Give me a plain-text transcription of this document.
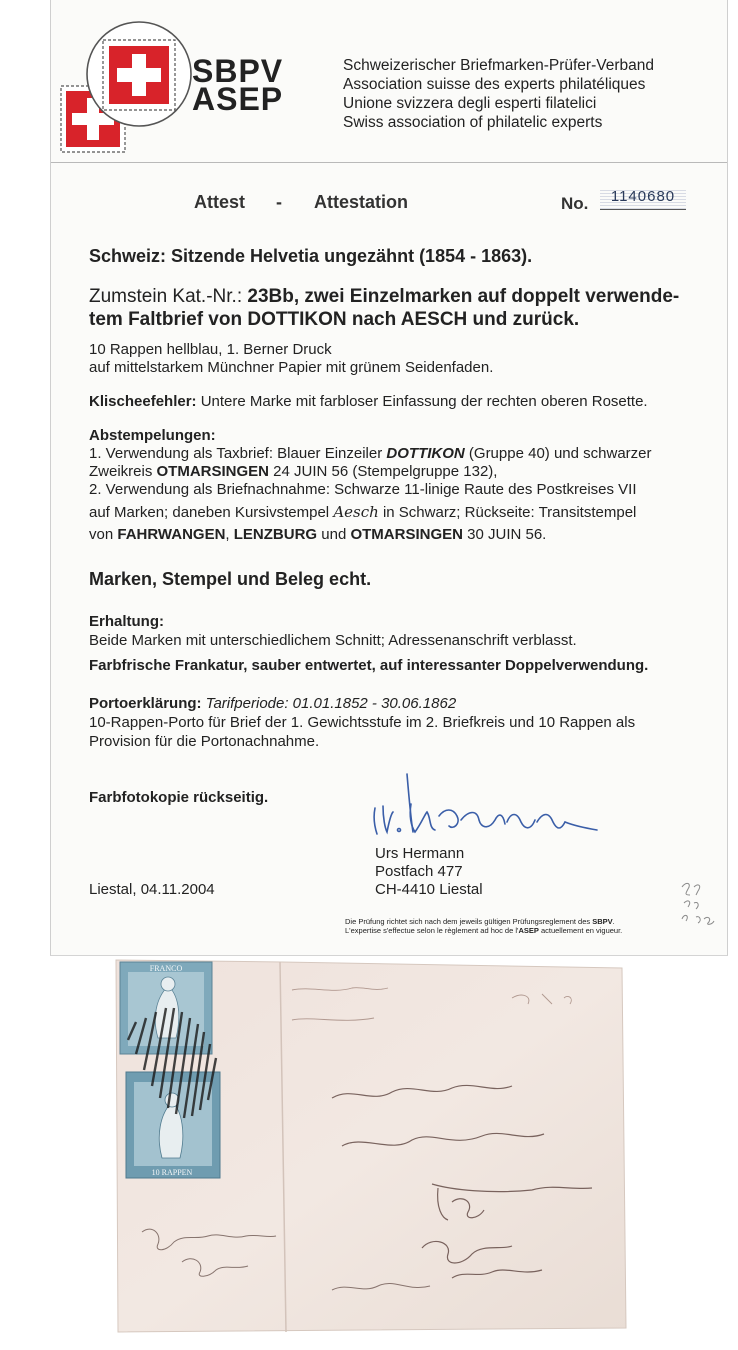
SBPV
ASEP
Schweizerischer Briefmarken-Prüfer-Verband
Association suisse des experts philatéliques
Unione svizzera degli esperti filatelici
Swiss association of philatelic experts
Attest - Attestation	No.	1140680
Schweiz: Sitzende Helvetia ungezähnt (1854 - 1863).
Zumstein Kat.-Nr.: 23Bb, zwei Einzelmarken auf doppelt verwende-
tem Faltbrief von DOTTIKON nach AESCH und zurück.
10 Rappen hellblau, 1. Berner Druck
auf mittelstarkem Münchner Papier mit grünem Seidenfaden.
Klischeefehler: Untere Marke mit farbloser Einfassung der rechten oberen Rosette.
Abstempelungen:
1. Verwendung als Taxbrief: Blauer Einzeiler DOTTIKON (Gruppe 40) und schwarzer
Zweikreis OTMARSINGEN 24 JUIN 56 (Stempelgruppe 132),
2. Verwendung als Briefnachnahme: Schwarze 11-linige Raute des Postkreises VII
auf Marken; daneben Kursivstempel Aesch in Schwarz; Rückseite: Transitstempel
von FAHRWANGEN, LENZBURG und OTMARSINGEN 30 JUIN 56.
Marken, Stempel und Beleg echt.
Erhaltung:
Beide Marken mit unterschiedlichem Schnitt; Adressenanschrift verblasst.
Farbfrische Frankatur, sauber entwertet, auf interessanter Doppelverwendung.
Portoerklärung: Tarifperiode: 01.01.1852 - 30.06.1862
10-Rappen-Porto für Brief der 1. Gewichtsstufe im 2. Briefkreis und 10 Rappen als
Provision für die Portonachnahme.
Farbfotokopie rückseitig.
Urs Hermann
Postfach 477
CH-4410 Liestal
Liestal, 04.11.2004
Die Prüfung richtet sich nach dem jeweils gültigen Prüfungsreglement des SBPV.
L'expertise s'effectue selon le règlement ad hoc de l'ASEP actuellement en vigueur.
FRANCO
10 RAPPEN
